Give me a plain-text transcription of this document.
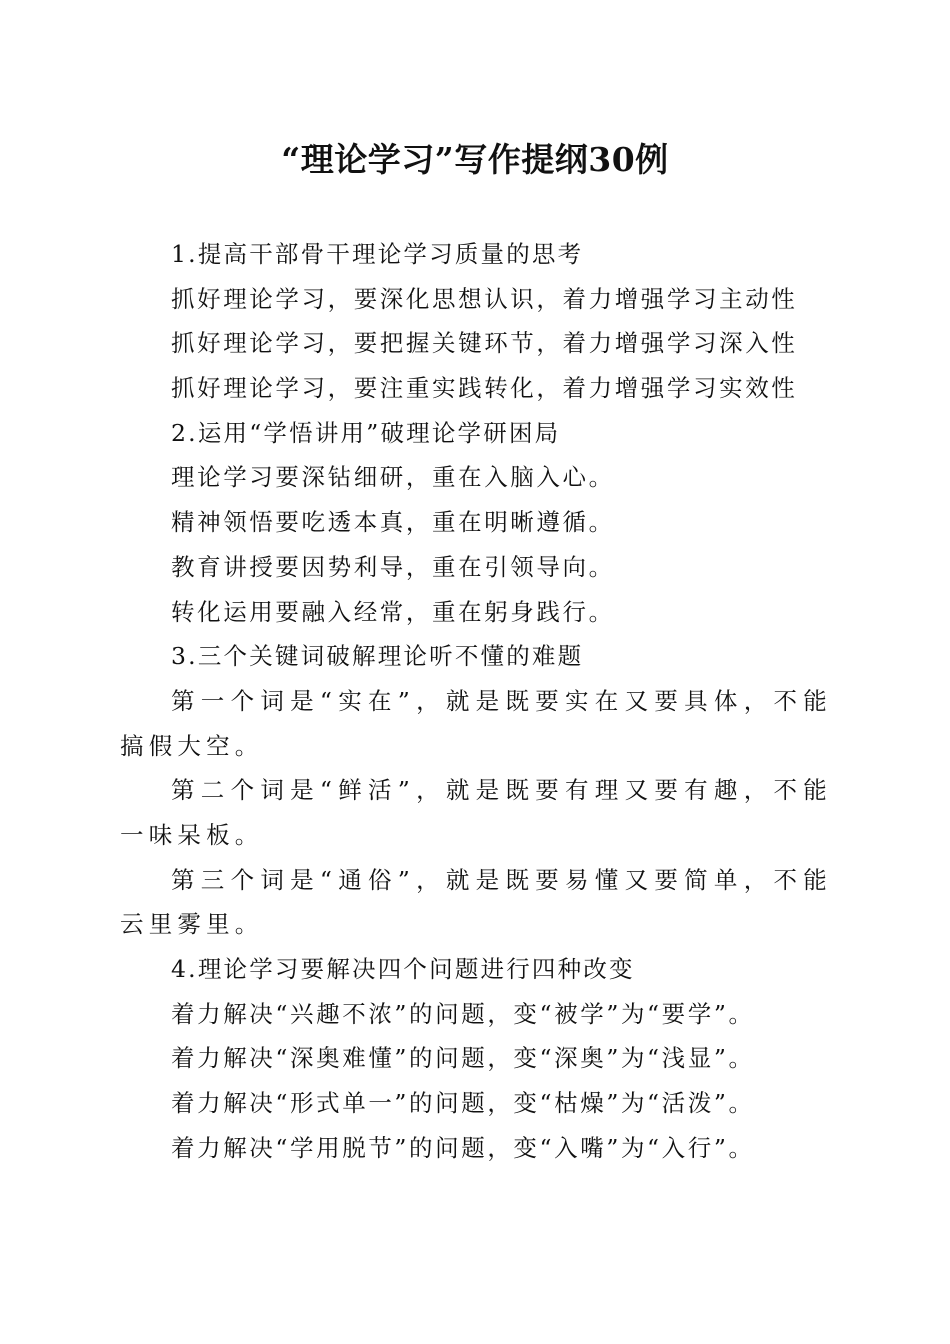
“理论学习”写作提纲30例

1.提高干部骨干理论学习质量的思考

抓好理论学习，要深化思想认识，着力增强学习主动性

抓好理论学习，要把握关键环节，着力增强学习深入性

抓好理论学习，要注重实践转化，着力增强学习实效性

2.运用“学悟讲用”破理论学研困局

理论学习要深钻细研，重在入脑入心。

精神领悟要吃透本真，重在明晰遵循。

教育讲授要因势利导，重在引领导向。

转化运用要融入经常，重在躬身践行。

3.三个关键词破解理论听不懂的难题

第一个词是“实在”，就是既要实在又要具体，不能搞假大空。

第二个词是“鲜活”，就是既要有理又要有趣，不能一味呆板。

第三个词是“通俗”，就是既要易懂又要简单，不能云里雾里。

4.理论学习要解决四个问题进行四种改变

着力解决“兴趣不浓”的问题，变“被学”为“要学”。

着力解决“深奥难懂”的问题，变“深奥”为“浅显”。

着力解决“形式单一”的问题，变“枯燥”为“活泼”。

着力解决“学用脱节”的问题，变“入嘴”为“入行”。
